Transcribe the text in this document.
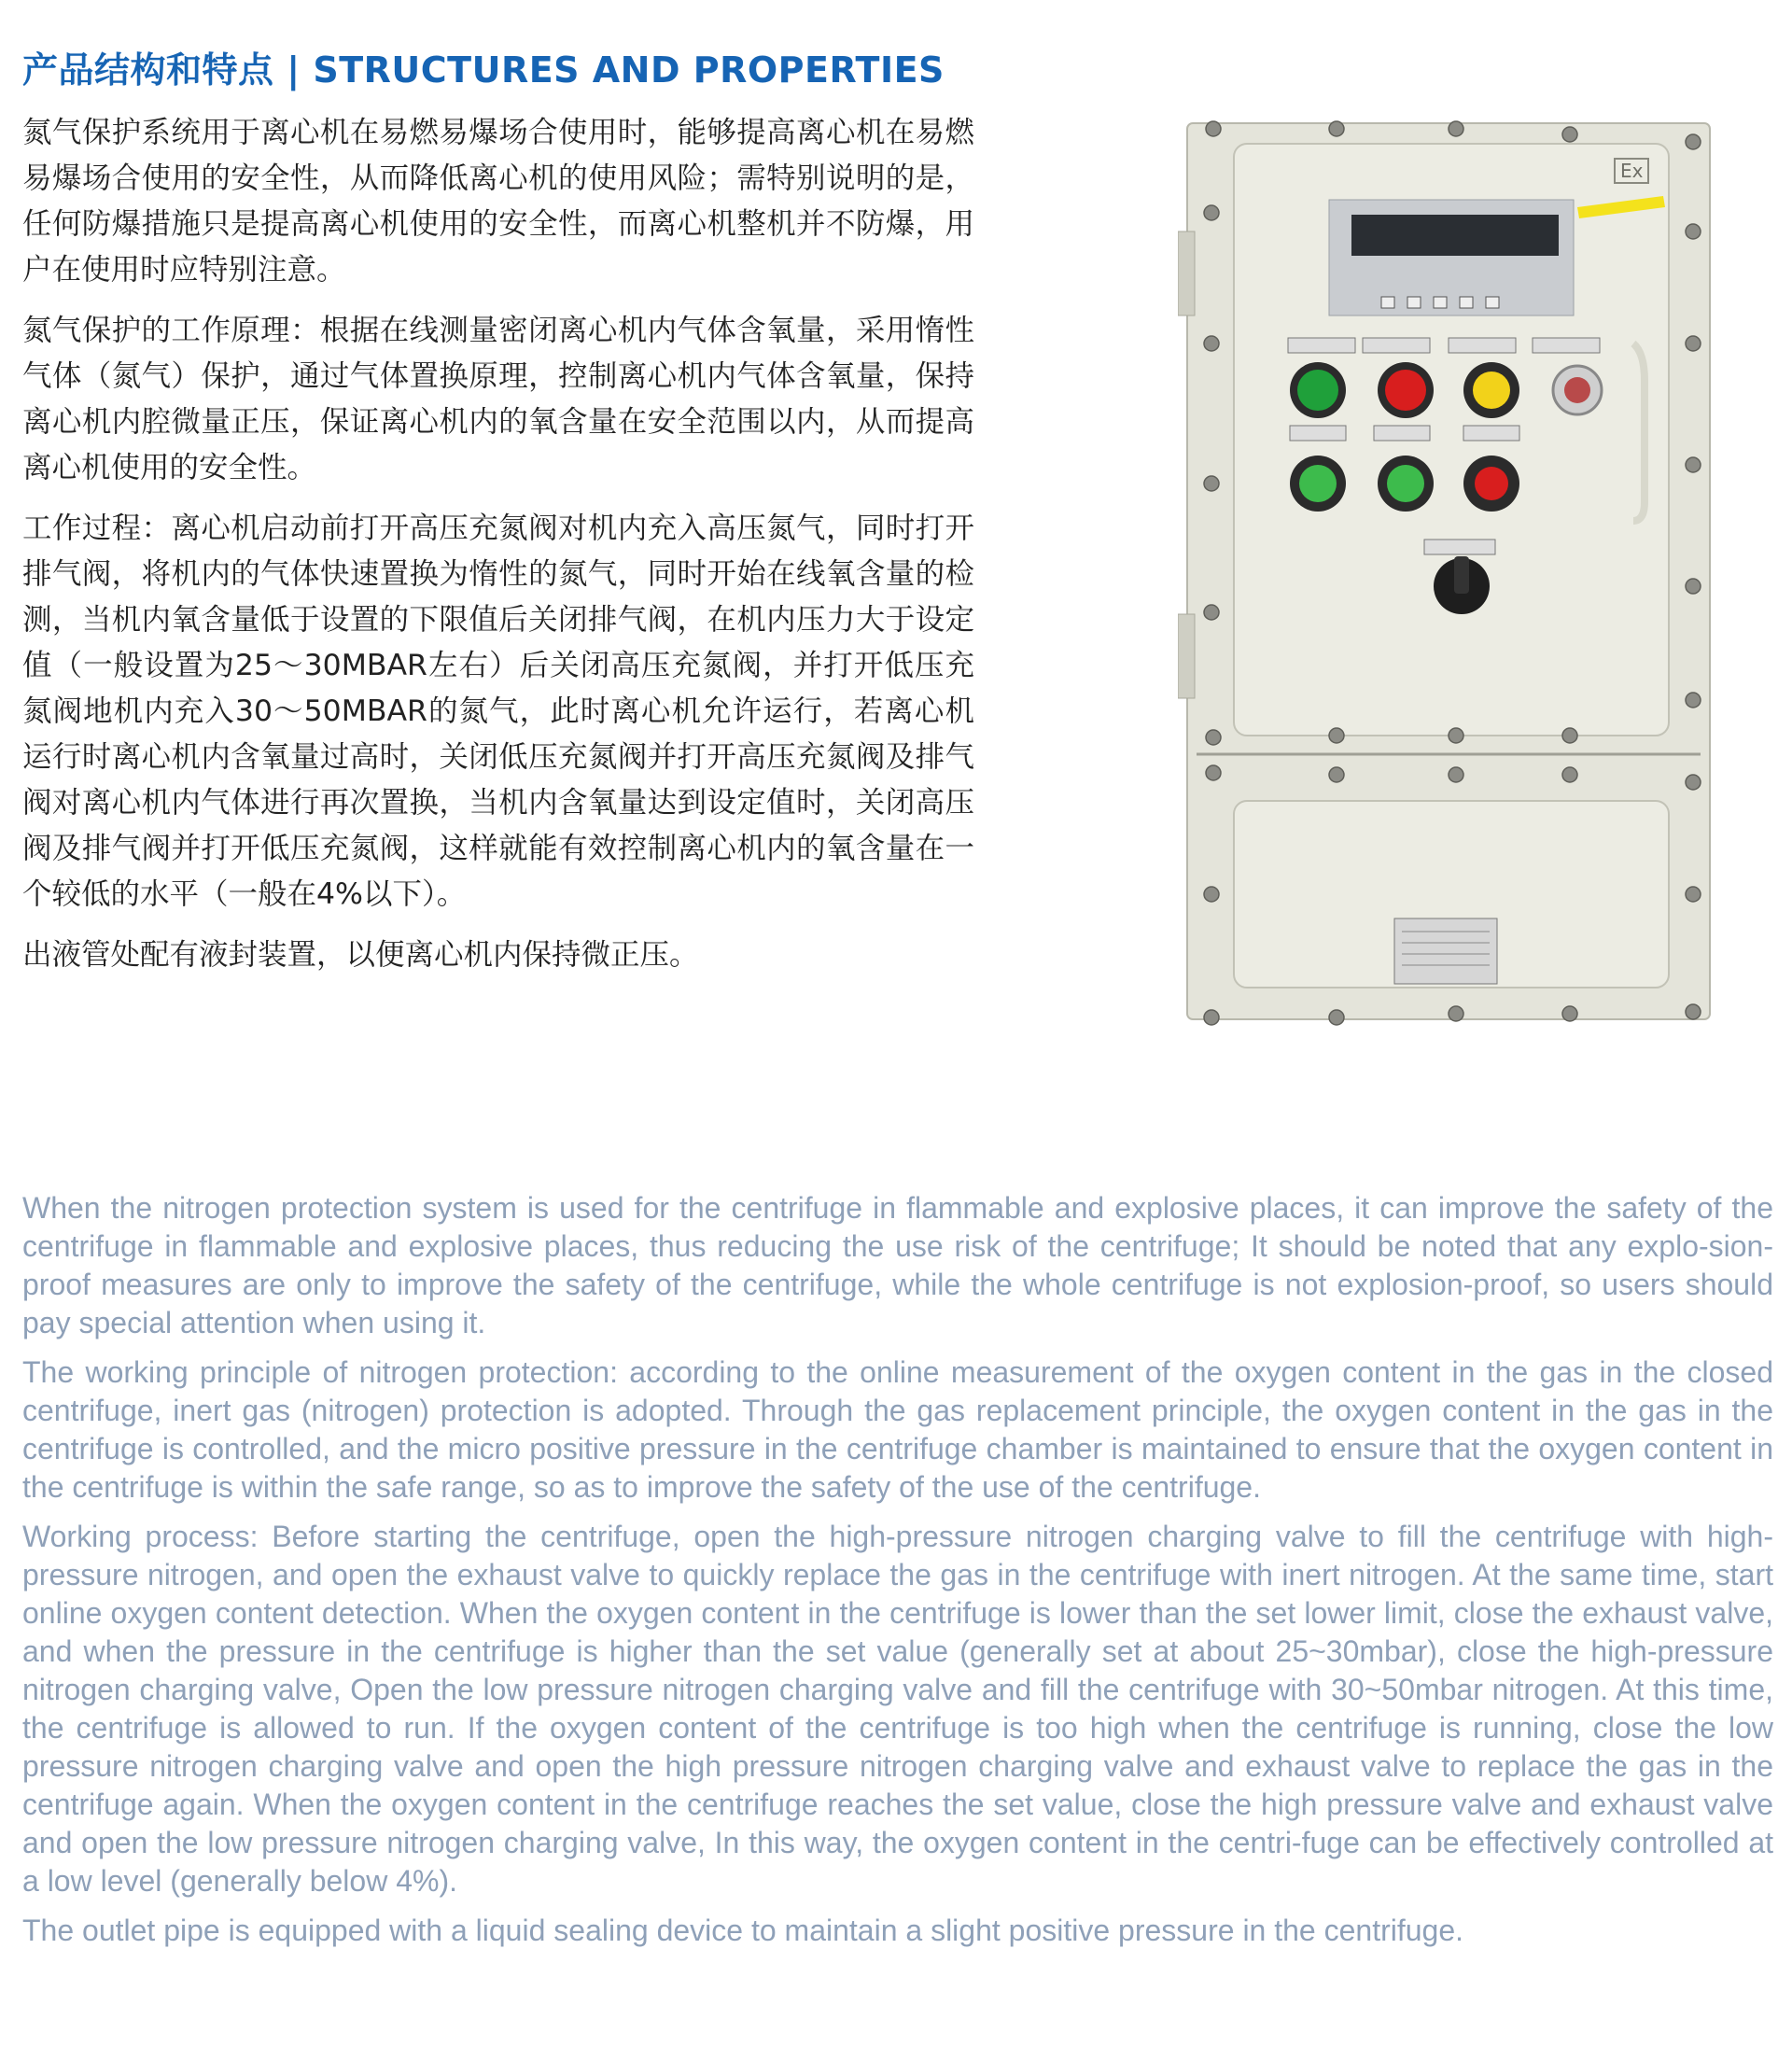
产品结构和特点 | STRUCTURES AND PROPERTIES

氮气保护系统用于离心机在易燃易爆场合使用时，能够提高离心机在易燃易爆场合使用的安全性，从而降低离心机的使用风险；需特别说明的是，任何防爆措施只是提高离心机使用的安全性，而离心机整机并不防爆，用户在使用时应特别注意。

氮气保护的工作原理：根据在线测量密闭离心机内气体含氧量，采用惰性气体（氮气）保护，通过气体置换原理，控制离心机内气体含氧量，保持离心机内腔微量正压，保证离心机内的氧含量在安全范围以内，从而提高离心机使用的安全性。

工作过程：离心机启动前打开高压充氮阀对机内充入高压氮气，同时打开排气阀，将机内的气体快速置换为惰性的氮气，同时开始在线氧含量的检测，当机内氧含量低于设置的下限值后关闭排气阀，在机内压力大于设定值（一般设置为25～30MBAR左右）后关闭高压充氮阀，并打开低压充氮阀地机内充入30～50MBAR的氮气，此时离心机允许运行，若离心机运行时离心机内含氧量过高时，关闭低压充氮阀并打开高压充氮阀及排气阀对离心机内气体进行再次置换，当机内含氧量达到设定值时，关闭高压阀及排气阀并打开低压充氮阀，这样就能有效控制离心机内的氧含量在一个较低的水平（一般在4%以下）。

出液管处配有液封装置，以便离心机内保持微正压。

Ex

When the nitrogen protection system is used for the centrifuge in flammable and explosive places, it can improve the safety of the centrifuge in flammable and explosive places, thus reducing the use risk of the centrifuge; It should be noted that any explo-sion-proof measures are only to improve the safety of the centrifuge, while the whole centrifuge is not explosion-proof, so users should pay special attention when using it.

The working principle of nitrogen protection: according to the online measurement of the oxygen content in the gas in the closed centrifuge, inert gas (nitrogen) protection is adopted. Through the gas replacement principle, the oxygen content in the gas in the centrifuge is controlled, and the micro positive pressure in the centrifuge chamber is maintained to ensure that the oxygen content in the centrifuge is within the safe range, so as to improve the safety of the use of the centrifuge.

Working process: Before starting the centrifuge, open the high-pressure nitrogen charging valve to fill the centrifuge with high-pressure nitrogen, and open the exhaust valve to quickly replace the gas in the centrifuge with inert nitrogen. At the same time, start online oxygen content detection. When the oxygen content in the centrifuge is lower than the set lower limit, close the exhaust valve, and when the pressure in the centrifuge is higher than the set value (generally set at about 25~30mbar), close the high-pressure nitrogen charging valve, Open the low pressure nitrogen charging valve and fill the centrifuge with 30~50mbar nitrogen. At this time, the centrifuge is allowed to run. If the oxygen content of the centrifuge is too high when the centrifuge is running, close the low pressure nitrogen charging valve and open the high pressure nitrogen charging valve and exhaust valve to replace the gas in the centrifuge again. When the oxygen content in the centrifuge reaches the set value, close the high pressure valve and exhaust valve and open the low pressure nitrogen charging valve, In this way, the oxygen content in the centri-fuge can be effectively controlled at a low level (generally below 4%).

The outlet pipe is equipped with a liquid sealing device to maintain a slight positive pressure in the centrifuge.
